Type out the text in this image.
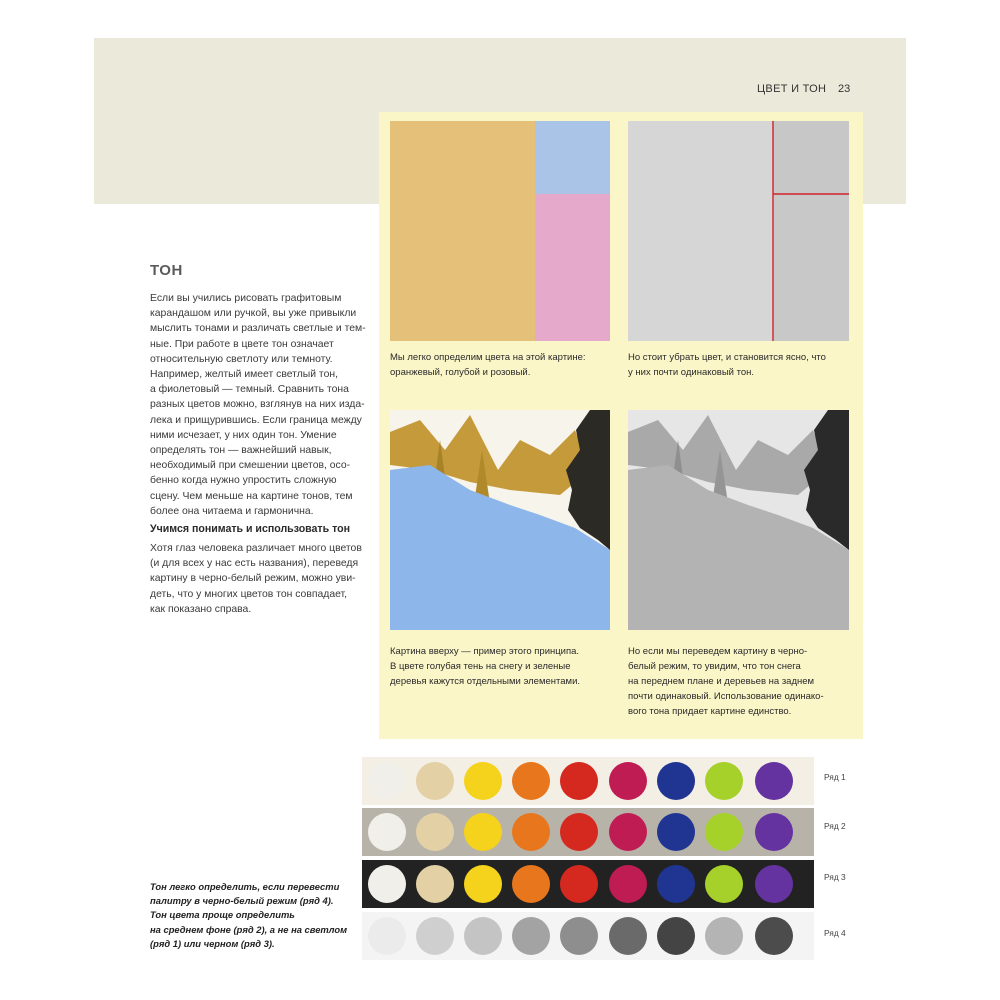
ЦВЕТ И ТОН 23
Мы легко определим цвета на этой картине:
оранжевый, голубой и розовый.
Но стоит убрать цвет, и становится ясно, что
у них почти одинаковый тон.
Картина вверху — пример этого принципа.
В цвете голубая тень на снегу и зеленые
деревья кажутся отдельными элементами.
Но если мы переведем картину в черно-
белый режим, то увидим, что тон снега
на переднем плане и деревьев на заднем
почти одинаковый. Использование одинако-
вого тона придает картине единство.
ТОН
Если вы учились рисовать графитовым
карандашом или ручкой, вы уже привыкли
мыслить тонами и различать светлые и тем-
ные. При работе в цвете тон означает
относительную светлоту или темноту.
Например, желтый имеет светлый тон,
а фиолетовый — темный. Сравнить тона
разных цветов можно, взглянув на них изда-
лека и прищурившись. Если граница между
ними исчезает, у них один тон. Умение
определять тон — важнейший навык,
необходимый при смешении цветов, осо-
бенно когда нужно упростить сложную
сцену. Чем меньше на картине тонов, тем
более она читаема и гармонична.
Учимся понимать и использовать тон
Хотя глаз человека различает много цветов
(и для всех у нас есть названия), переведя
картину в черно-белый режим, можно уви-
деть, что у многих цветов тон совпадает,
как показано справа.
Ряд 1
Ряд 2
Ряд 3
Ряд 4
Тон легко определить, если перевести
палитру в черно-белый режим (ряд 4).
Тон цвета проще определить
на среднем фоне (ряд 2), а не на светлом
(ряд 1) или черном (ряд 3).
